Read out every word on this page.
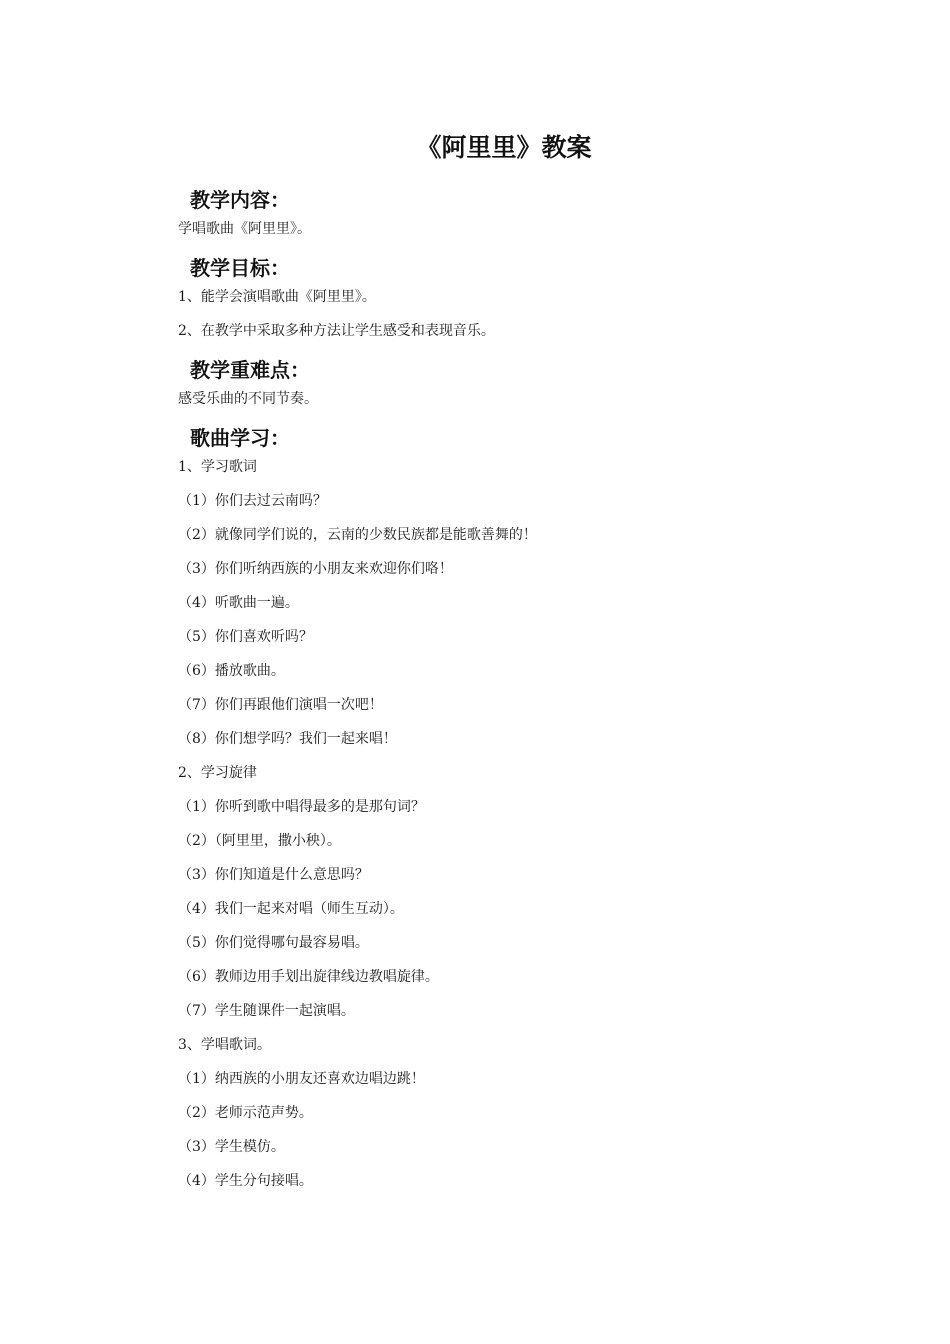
《阿里里》教案
教学内容：
学唱歌曲《阿里里》。
教学目标：
1、能学会演唱歌曲《阿里里》。
2、在教学中采取多种方法让学生感受和表现音乐。
教学重难点：
感受乐曲的不同节奏。
歌曲学习：
1、学习歌词
（1）你们去过云南吗？
（2）就像同学们说的，云南的少数民族都是能歌善舞的！
（3）你们听纳西族的小朋友来欢迎你们咯！
（4）听歌曲一遍。
（5）你们喜欢听吗？
（6）播放歌曲。
（7）你们再跟他们演唱一次吧！
（8）你们想学吗？我们一起来唱！
2、学习旋律
（1）你听到歌中唱得最多的是那句词？
（2）（阿里里，撒小秧）。
（3）你们知道是什么意思吗？
（4）我们一起来对唱（师生互动）。
（5）你们觉得哪句最容易唱。
（6）教师边用手划出旋律线边教唱旋律。
（7）学生随课件一起演唱。
3、学唱歌词。
（1）纳西族的小朋友还喜欢边唱边跳！
（2）老师示范声势。
（3）学生模仿。
（4）学生分句接唱。
